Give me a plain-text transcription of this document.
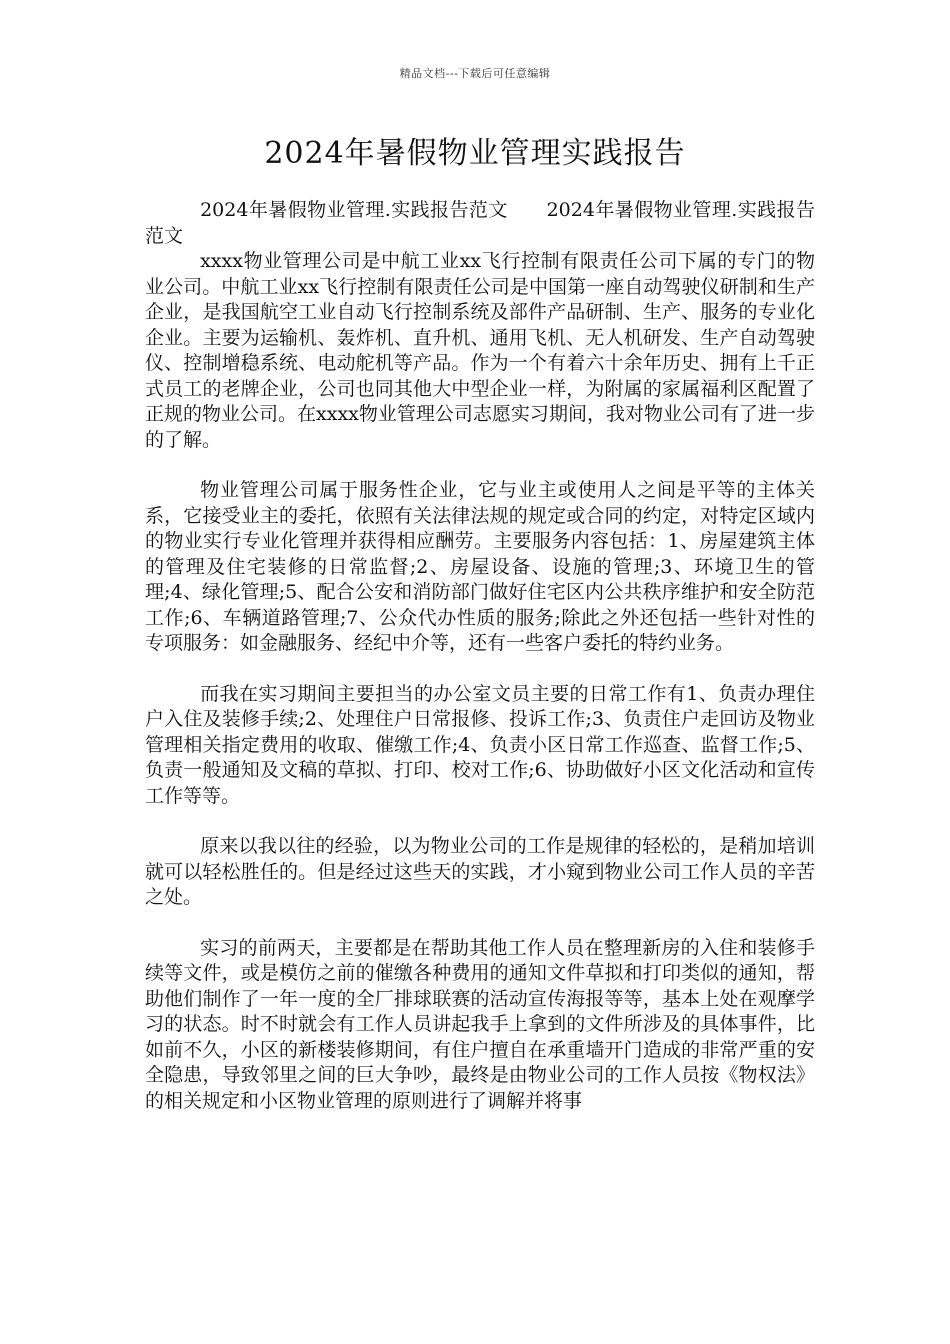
精品文档---下载后可任意编辑
2024年暑假物业管理实践报告

2024年暑假物业管理.实践报告范文　　2024年暑假物业管理.实践报告范文

xxxx物业管理公司是中航工业xx飞行控制有限责任公司下属的专门的物业公司。中航工业xx飞行控制有限责任公司是中国第一座自动驾驶仪研制和生产企业，是我国航空工业自动飞行控制系统及部件产品研制、生产、服务的专业化企业。主要为运输机、轰炸机、直升机、通用飞机、无人机研发、生产自动驾驶仪、控制增稳系统、电动舵机等产品。作为一个有着六十余年历史、拥有上千正式员工的老牌企业，公司也同其他大中型企业一样，为附属的家属福利区配置了正规的物业公司。在xxxx物业管理公司志愿实习期间，我对物业公司有了进一步的了解。

物业管理公司属于服务性企业，它与业主或使用人之间是平等的主体关系，它接受业主的委托，依照有关法律法规的规定或合同的约定，对特定区域内的物业实行专业化管理并获得相应酬劳。主要服务内容包括：1、房屋建筑主体的管理及住宅装修的日常监督;2、房屋设备、设施的管理;3、环境卫生的管理;4、绿化管理;5、配合公安和消防部门做好住宅区内公共秩序维护和安全防范工作;6、车辆道路管理;7、公众代办性质的服务;除此之外还包括一些针对性的专项服务：如金融服务、经纪中介等，还有一些客户委托的特约业务。

而我在实习期间主要担当的办公室文员主要的日常工作有1、负责办理住户入住及装修手续;2、处理住户日常报修、投诉工作;3、负责住户走回访及物业管理相关指定费用的收取、催缴工作;4、负责小区日常工作巡查、监督工作;5、负责一般通知及文稿的草拟、打印、校对工作;6、协助做好小区文化活动和宣传工作等等。

原来以我以往的经验，以为物业公司的工作是规律的轻松的，是稍加培训就可以轻松胜任的。但是经过这些天的实践，才小窥到物业公司工作人员的辛苦之处。

实习的前两天，主要都是在帮助其他工作人员在整理新房的入住和装修手续等文件，或是模仿之前的催缴各种费用的通知文件草拟和打印类似的通知，帮助他们制作了一年一度的全厂排球联赛的活动宣传海报等等，基本上处在观摩学习的状态。时不时就会有工作人员讲起我手上拿到的文件所涉及的具体事件，比如前不久，小区的新楼装修期间，有住户擅自在承重墙开门造成的非常严重的安全隐患，导致邻里之间的巨大争吵，最终是由物业公司的工作人员按《物权法》的相关规定和小区物业管理的原则进行了调解并将事
